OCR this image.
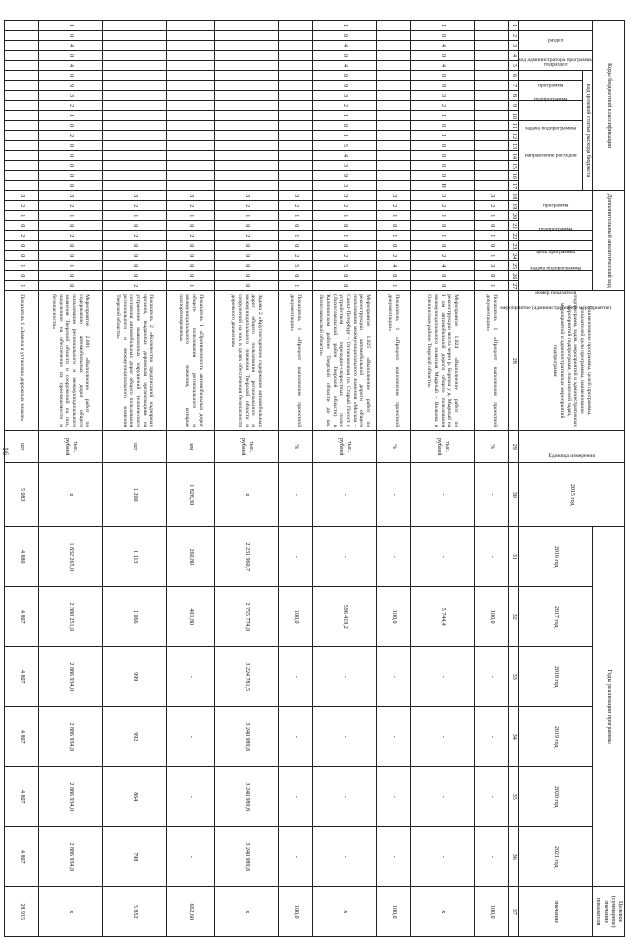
16
Коды бюджетной классификации																	Дополнительный аналитический код										Наименование программы, целей программы, показателей цели программы, наименование подпрограмм, задач, мероприятий и административных мероприятий подпрограмм, показателей задач, мероприятий и административных мероприятий подпрограмм	Единица измерения	2015 год	Годы реализации программы						Целевое (суммарное) значение показателя
код администратора программы	раздел		подраздел		код целевой статьи расхода бюджета												программа		подпрограмма		цель программы	задача подпрограммы	мероприятие (административное мероприятие)		номер показателя					2016 год	2017 год	2018 год	2019 год	2020 год	2021 год	значение
					программа	подпрограмма		задача подпрограммы		направление расходов																										
1	2	3	4	5	6	7	8	9	10	11	12	13	14	15	16	17	18	19	20	21	22	23	24	25	26	27	28	29	30	31	32	33	34	35	36	37
																	3	2	1	0	1	0	1	3	0	1	Показатель 1 «Процент выполнения проектной документации»	%	-	-	100,0	-	-	-	-	100,0
1	0	4	0	4	0	9	3	2	1	0	1	0	0	0	0	Н	3	2	1	0	1	0	2	4	0	0	Мероприятие 1.024 «Выполнение работ по реконструкции моста через р. Березка у д. Мырный на I км автомобильной дороги общего пользования межмуниципального значения Мырный – Волкова в Оленинском районе Тверской области»	тыс. рублей	-	-	5 744,4	-	-	-	-	х
																	3	2	1	0	1	0	2	4	0	1	Показатель 1 «Процент выполнения проектной документации»	%	-	-	100,0	-	-	-	-	100,0
1	0	4	0	4	0	9	3	2	1	0	1	5	4	3	9	3	3	2	1	0	1	0	2	5	0	0	Мероприятие 1.025 «Выполнение работ по реконструкции автомобильной дороги общего пользования межмуниципального значения «Москва – Санкт-Петербург – Остановочная пл. Старый Погост с устройством переходно-скоростных полос (Лихославльский район Тверской области) в Калининском районе Тверской области до км. Лихославльской области»	тыс. рублей	-	-	596 419,2	-	-	-	-	х
																	3	2	1	0	1	0	2	5	0	1	Показатель 1 «Процент выполнения проектной документации»	%	-	-	100,0	-	-	-	-	100,0
																	3	2	1	0	2	0	0	0	0	0	Задача 2 «Круглогодичное содержание автомобильных дорог общего пользования регионального и межмуниципального значения Тверской области и сооружений на них в целях обеспечения безопасности дорожного движения»	тыс. рублей	х	2 231 960,7	2 755 774,0	3 224 781,5	3 240 989,8	3 240 989,8	3 240 989,8	х
																	3	2	1	0	2	0	0	0	0	1	Показатель 1 «Протяженность автомобильных дорог общего пользования регионального и межмуниципального значения, которые паспортизированы»	км	1 828,30	260,80	401,80	-	-	-	-	662,60
																	3	2	1	0	2	0	0	0	0	2	Показатель 2 «Количество предписаний надзорных органов, выданных дорожным организациям на устранение выявленных нарушений технического состояния автомобильных дорог общего пользования регионального и межмуниципального значения Тверской области»	шт	1 200	1 113	1 066	999	992	864	798	5 852
1	0	4	0	4	0	9	3	2	1	0	2	0	0	0	0	0	3	2	1	0	2	0	0	1	0	0	Мероприятие 2.001 «Выполнение работ по содержанию автомобильных дорог общего пользования регионального и межмуниципального значения Тверской области и сооружений на них, нацеленное на обеспечение их проезжаемости и безопасности»	тыс. рублей	х	1 832 265,0	2 380 251,0	2 886 934,0	2 886 934,0	2 886 934,0	2 886 934,0	х
																	3	2	1	0	2	0	0	1	0	1	Показатель 1 «Замена и установка дорожных знаков»	шт	5 083	4 880	4 807	4 807	4 807	4 807	4 807	28 915
